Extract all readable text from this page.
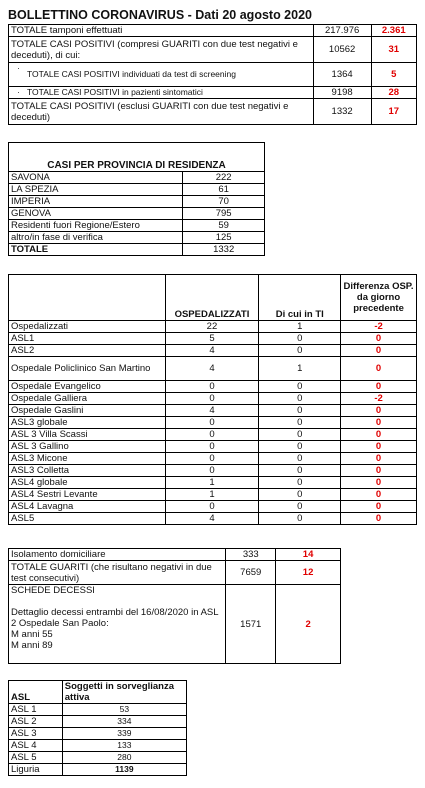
BOLLETTINO CORONAVIRUS - Dati 20 agosto 2020
TOTALE tamponi effettuati	217.976	2.361
TOTALE CASI POSITIVI (compresi GUARITI con due test negativi e deceduti), di cui:	10562	31
· TOTALE CASI POSITIVI individuati da test di screening	1364	5
· TOTALE CASI POSITIVI in pazienti sintomatici	9198	28
TOTALE CASI POSITIVI (esclusi GUARITI con due test negativi e deceduti)	1332	17
CASI PER PROVINCIA DI RESIDENZA	
SAVONA	222
LA SPEZIA	61
IMPERIA	70
GENOVA	795
Residenti fuori Regione/Estero	59
altro/in fase di verifica	125
TOTALE	1332
	OSPEDALIZZATI	Di cui in TI	Differenza OSP. da giorno precedente
Ospedalizzati	22	1	-2
ASL1	5	0	0
ASL2	4	0	0
Ospedale Policlinico San Martino	4	1	0
Ospedale Evangelico	0	0	0
Ospedale Galliera	0	0	-2
Ospedale Gaslini	4	0	0
ASL3 globale	0	0	0
ASL 3 Villa Scassi	0	0	0
ASL 3 Gallino	0	0	0
ASL3 Micone	0	0	0
ASL3 Colletta	0	0	0
ASL4 globale	1	0	0
ASL4 Sestri Levante	1	0	0
ASL4 Lavagna	0	0	0
ASL5	4	0	0
Isolamento domiciliare	333	14
TOTALE GUARITI (che risultano negativi in due test consecutivi)	7659	12

SCHEDE DECESSI
Dettaglio decessi entrambi del 16/08/2020 in ASL 2 Ospedale San Paolo:
M anni 55
M anni 89	1571	2
ASL	Soggetti in sorveglianza attiva
ASL 1	53
ASL 2	334
ASL 3	339
ASL 4	133
ASL 5	280
Liguria	1139
